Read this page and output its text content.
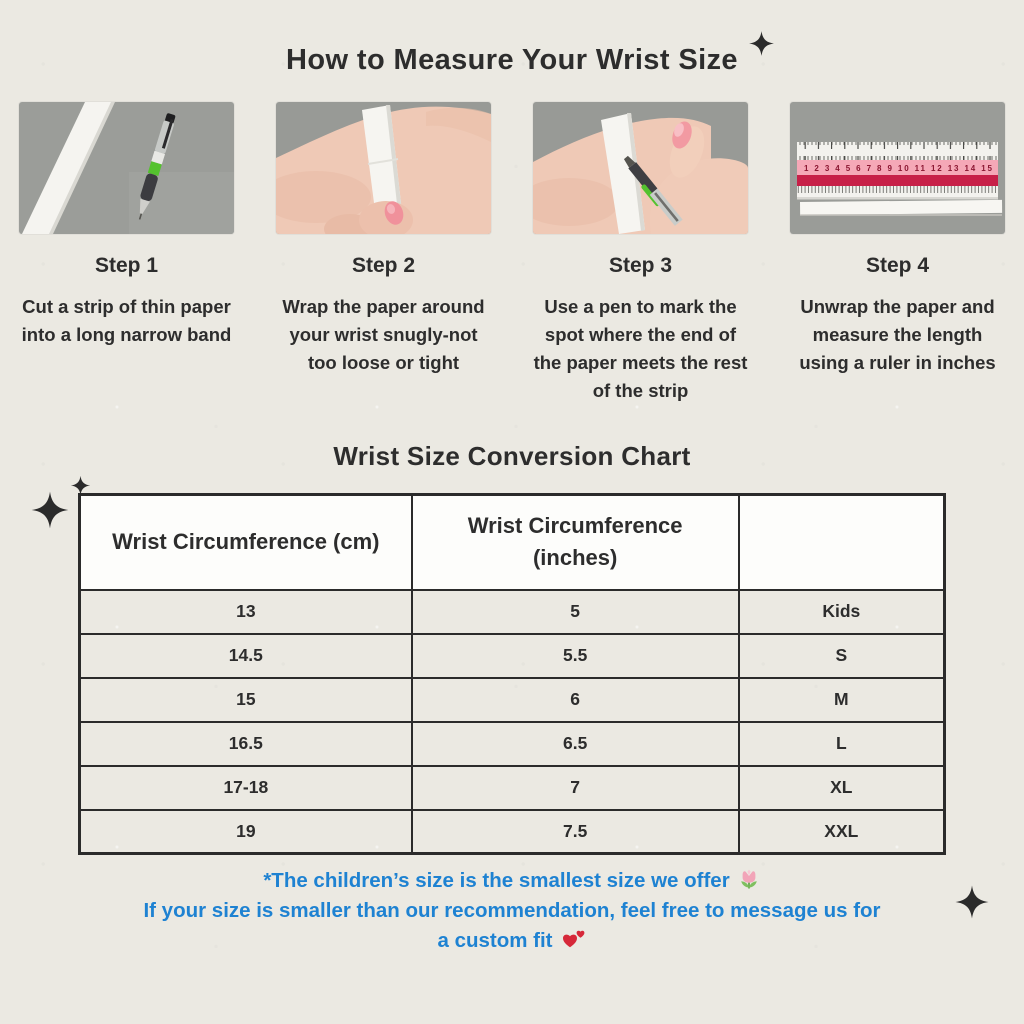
How to Measure Your Wrist Size
1 2 3 4 5 6 7 8 9 10 11 12 13 14 15
Step 1
Cut a strip of thin paper into a long narrow band
Step 2
Wrap the paper around your wrist snugly-not too loose or tight
Step 3
Use a pen to mark the spot where the end of the paper meets the rest of the strip
Step 4
Unwrap the paper and measure the length using a ruler in inches
Wrist Size Conversion Chart
Wrist Circumference (cm)	Wrist Circumference (inches)	
13	5	Kids
14.5	5.5	S
15	6	M
16.5	6.5	L
17-18	7	XL
19	7.5	XXL
*The children’s size is the smallest size we offer
If your size is smaller than our recommendation, feel free to message us for
a custom fit
